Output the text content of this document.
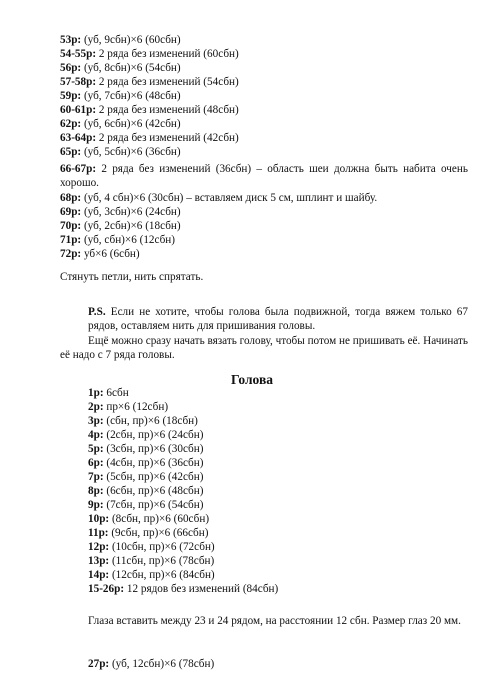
53р: (уб, 9сбн)×6 (60сбн)
54-55р: 2 ряда без изменений (60сбн)
56р: (уб, 8сбн)×6 (54сбн)
57-58р: 2 ряда без изменений (54сбн)
59р: (уб, 7сбн)×6 (48сбн)
60-61р: 2 ряда без изменений (48сбн)
62р: (уб, 6сбн)×6 (42сбн)
63-64р: 2 ряда без изменений (42сбн)
65р: (уб, 5сбн)×6 (36сбн)
66-67р: 2 ряда без изменений (36сбн) – область шеи должна быть набита очень хорошо.
68р: (уб, 4 сбн)×6 (30сбн) – вставляем диск 5 см, шплинт и шайбу.
69р: (уб, 3сбн)×6 (24сбн)
70р: (уб, 2сбн)×6 (18сбн)
71р: (уб, сбн)×6 (12сбн)
72р: уб×6 (6сбн)
Стянуть петли, нить спрятать.
P.S. Если не хотите, чтобы голова была подвижной, тогда вяжем только 67 рядов, оставляем нить для пришивания головы.
Ещё можно сразу начать вязать голову, чтобы потом не пришивать её. Начинать её надо с 7 ряда головы.
Голова
1р: 6сбн
2р: пр×6 (12сбн)
3р: (сбн, пр)×6 (18сбн)
4р: (2сбн, пр)×6 (24сбн)
5р: (3сбн, пр)×6 (30сбн)
6р: (4сбн, пр)×6 (36сбн)
7р: (5сбн, пр)×6 (42сбн)
8р: (6сбн, пр)×6 (48сбн)
9р: (7сбн, пр)×6 (54сбн)
10р: (8сбн, пр)×6 (60сбн)
11р: (9сбн, пр)×6 (66сбн)
12р: (10сбн, пр)×6 (72сбн)
13р: (11сбн, пр)×6 (78сбн)
14р: (12сбн, пр)×6 (84сбн)
15-26р: 12 рядов без изменений (84сбн)
Глаза вставить между 23 и 24 рядом, на расстоянии 12 сбн. Размер глаз 20 мм.
27р: (уб, 12сбн)×6 (78сбн)
